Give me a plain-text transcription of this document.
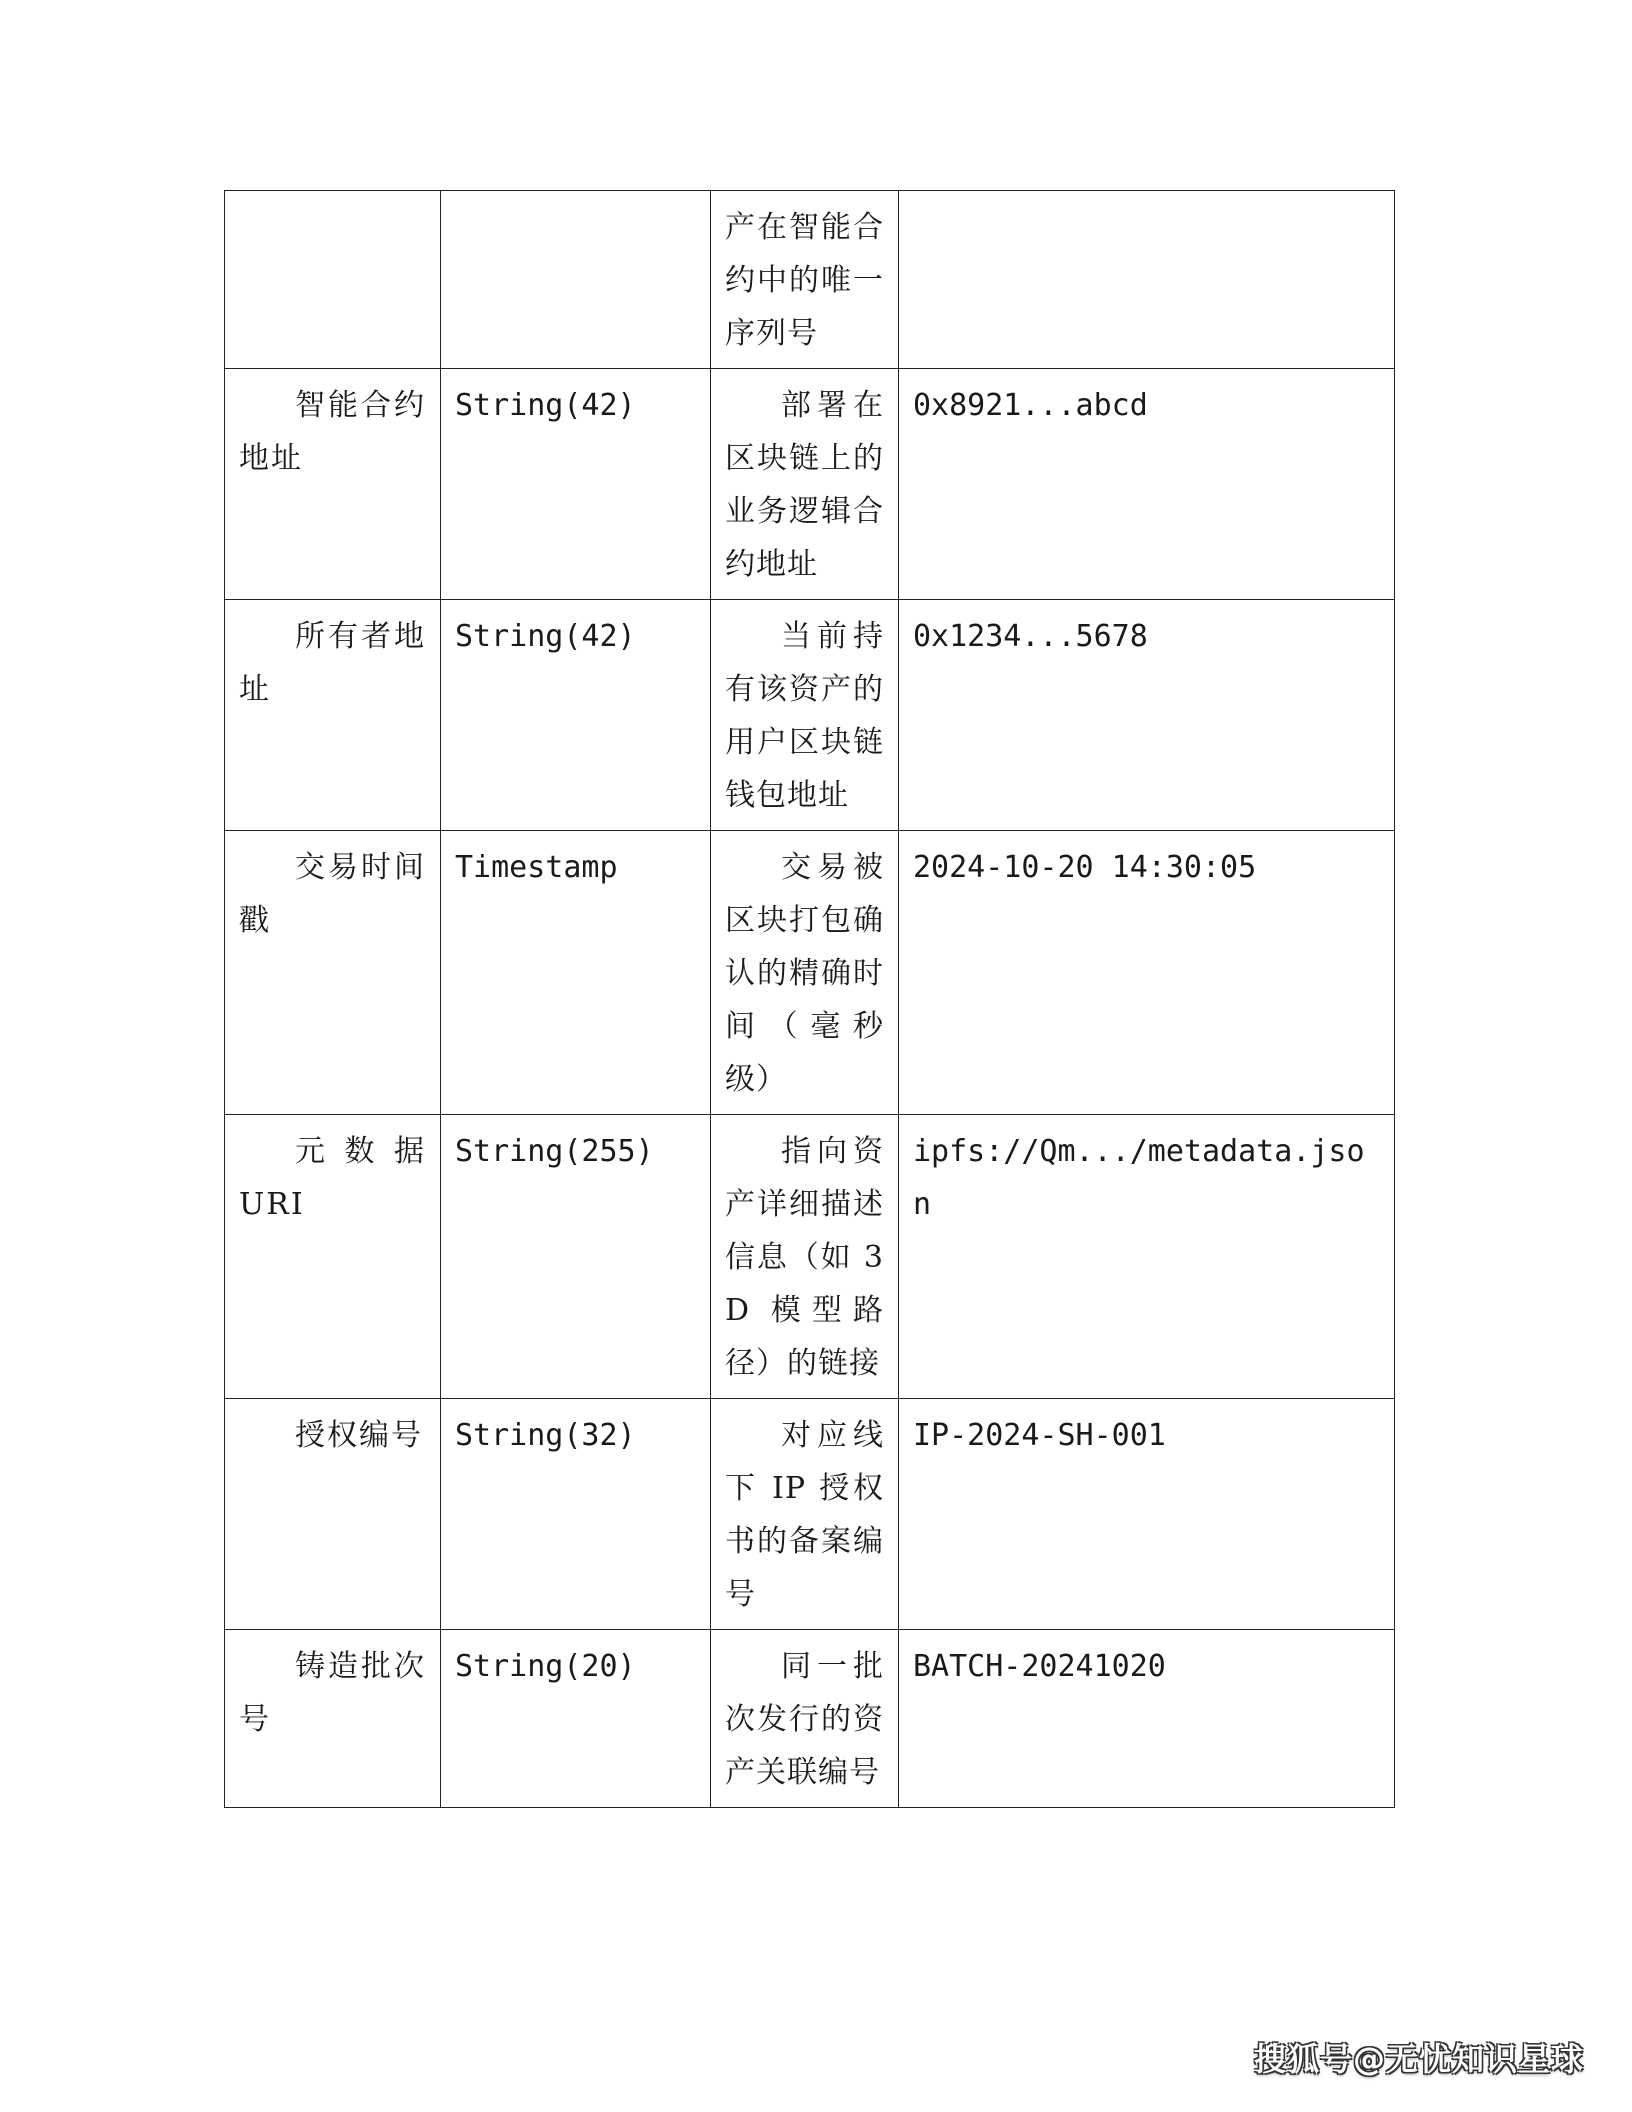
		产在智能合约中的唯一序列号	
智能合约地址	String(42)	部署在区块链上的业务逻辑合约地址	0x8921...abcd
所有者地址	String(42)	当前持有该资产的用户区块链钱包地址	0x1234...5678
交易时间戳	Timestamp	交易被区块打包确认的精确时间（毫秒级）	2024-10-20 14:30:05
元 数 据 URI	String(255)	指向资产详细描述信息（如 3D 模型路径）的链接	ipfs://Qm.../metadata.json
授权编号	String(32)	对应线下 IP 授权书的备案编号	IP-2024-SH-001
铸造批次号	String(20)	同一批次发行的资产关联编号	BATCH-20241020
搜狐号@无忧知识星球
